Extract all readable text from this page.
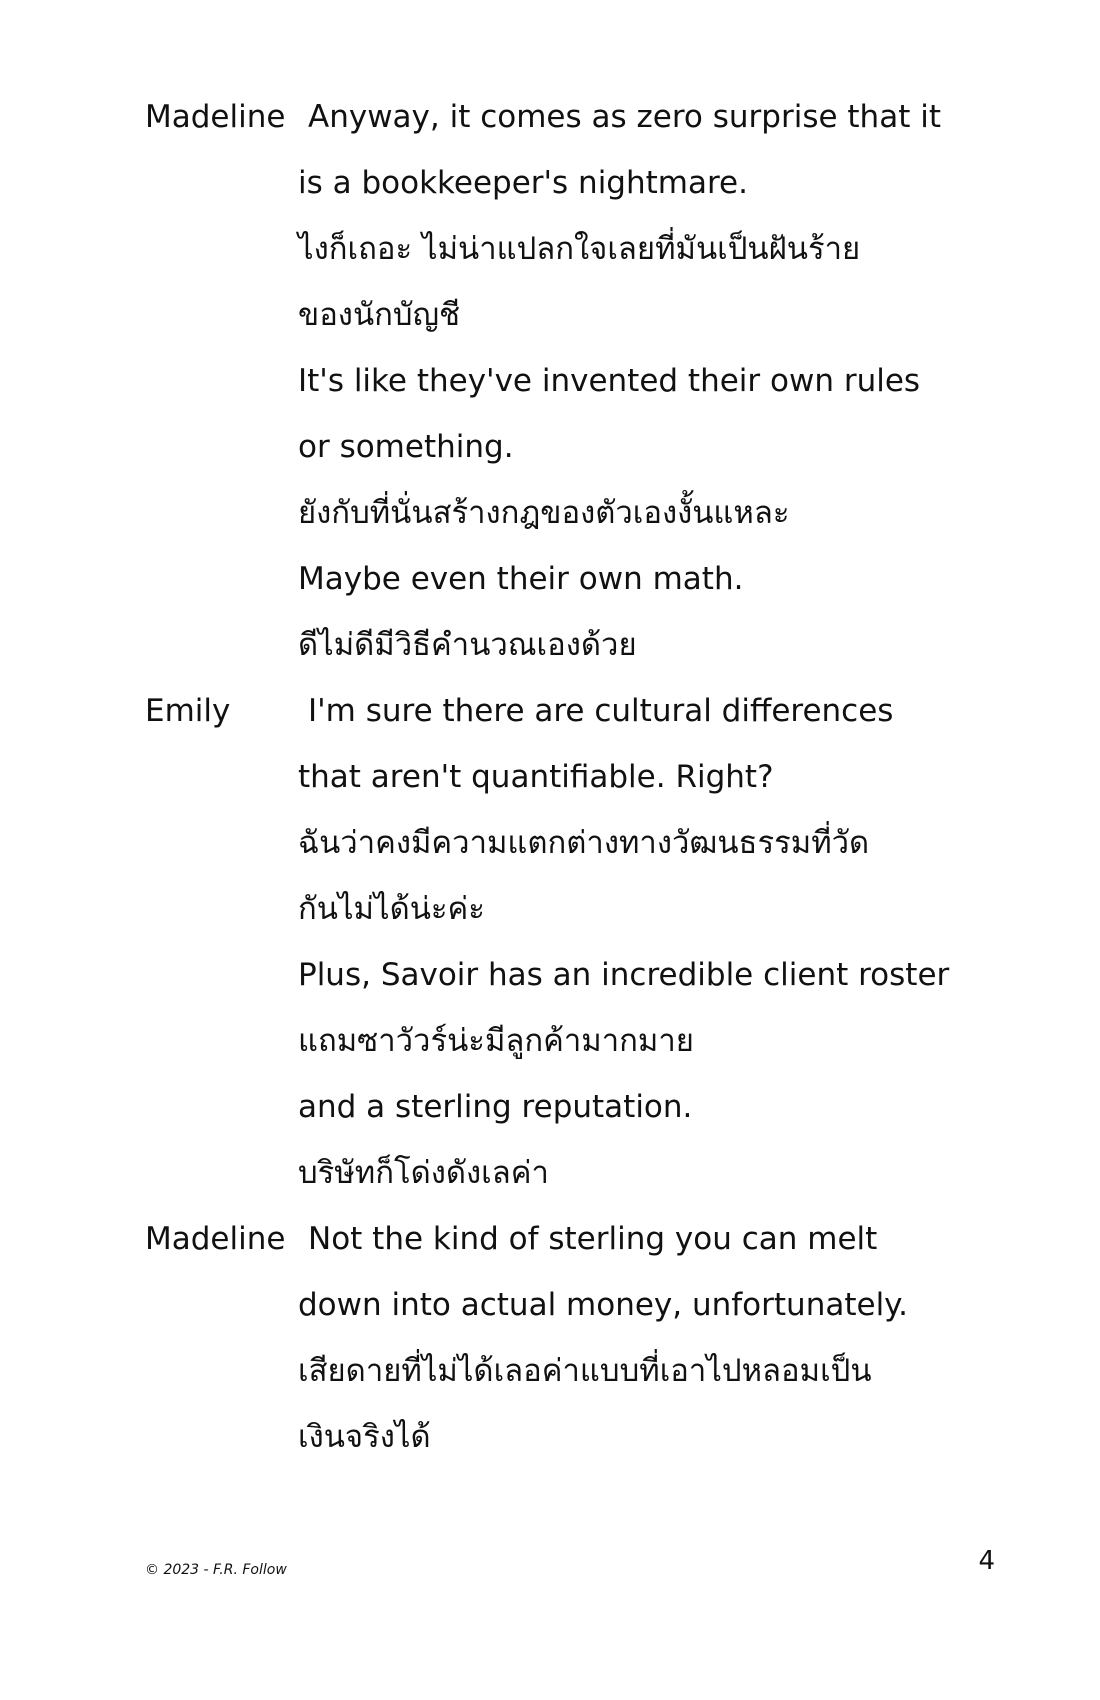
Madeline Anyway, it comes as zero surprise that it
is a bookkeeper's nightmare.
ไงก็เถอะ ไม่น่าแปลกใจเลยที่มันเป็นฝันร้าย
ของนักบัญชี
It's like they've invented their own rules
or something.
ยังกับที่นั่นสร้างกฎของตัวเองงั้นแหละ
Maybe even their own math.
ดีไม่ดีมีวิธีคำนวณเองด้วย
Emily	I'm sure there are cultural differences
that aren't quantifiable. Right?
ฉันว่าคงมีความแตกต่างทางวัฒนธรรมที่วัด
กันไม่ได้น่ะค่ะ
Plus, Savoir has an incredible client roster
แถมซาวัวร์น่ะมีลูกค้ามากมาย
and a sterling reputation.
บริษัทก็โด่งดังเลค่า
Madeline Not the kind of sterling you can melt
down into actual money, unfortunately.
เสียดายที่ไม่ได้เลอค่าแบบที่เอาไปหลอมเป็น
เงินจริงได้
© 2023 - F.R. Follow	4
